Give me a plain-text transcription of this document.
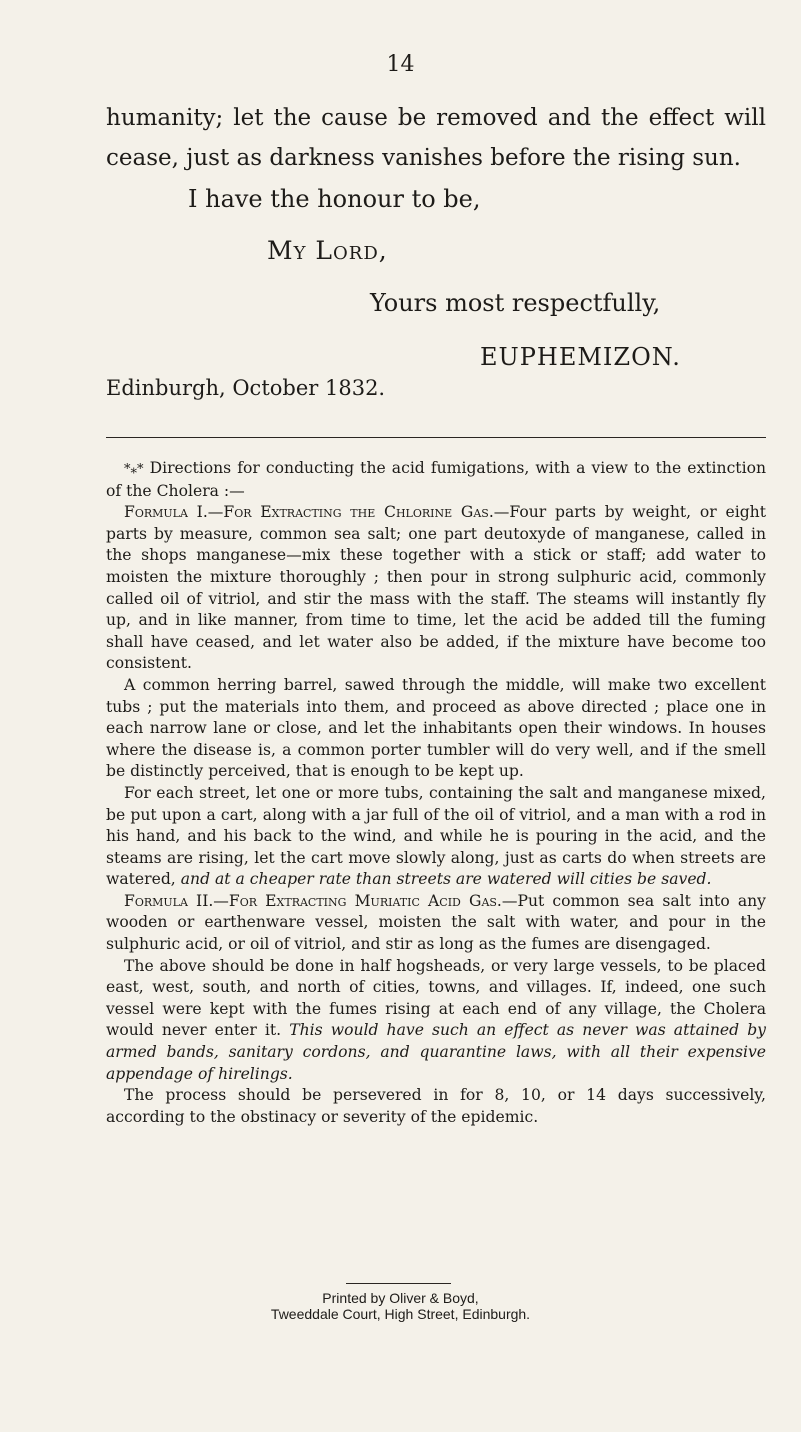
14

humanity; let the cause be removed and the effect will cease, just as darkness vanishes before the rising sun.

I have the honour to be,

My Lord,

Yours most respectfully,

EUPHEMIZON.

Edinburgh, October 1832.

*⁎* Directions for conducting the acid fumigations, with a view to the extinction of the Cholera :—

Formula I.—For Extracting the Chlorine Gas.—Four parts by weight, or eight parts by measure, common sea salt; one part deutoxyde of manganese, called in the shops manganese—mix these together with a stick or staff; add water to moisten the mixture thoroughly ; then pour in strong sulphuric acid, commonly called oil of vitriol, and stir the mass with the staff. The steams will instantly fly up, and in like manner, from time to time, let the acid be added till the fuming shall have ceased, and let water also be added, if the mixture have become too consistent.

A common herring barrel, sawed through the middle, will make two excellent tubs ; put the materials into them, and proceed as above directed ; place one in each narrow lane or close, and let the inhabitants open their windows. In houses where the disease is, a common porter tumbler will do very well, and if the smell be distinctly perceived, that is enough to be kept up.

For each street, let one or more tubs, containing the salt and manganese mixed, be put upon a cart, along with a jar full of the oil of vitriol, and a man with a rod in his hand, and his back to the wind, and while he is pouring in the acid, and the steams are rising, let the cart move slowly along, just as carts do when streets are watered, and at a cheaper rate than streets are watered will cities be saved.

Formula II.—For Extracting Muriatic Acid Gas.—Put common sea salt into any wooden or earthenware vessel, moisten the salt with water, and pour in the sulphuric acid, or oil of vitriol, and stir as long as the fumes are disengaged.

The above should be done in half hogsheads, or very large vessels, to be placed east, west, south, and north of cities, towns, and villages. If, indeed, one such vessel were kept with the fumes rising at each end of any village, the Cholera would never enter it. This would have such an effect as never was attained by armed bands, sanitary cordons, and quarantine laws, with all their expensive appendage of hirelings.

The process should be persevered in for 8, 10, or 14 days successively, according to the obstinacy or severity of the epidemic.

Printed by Oliver & Boyd,
Tweeddale Court, High Street, Edinburgh.
